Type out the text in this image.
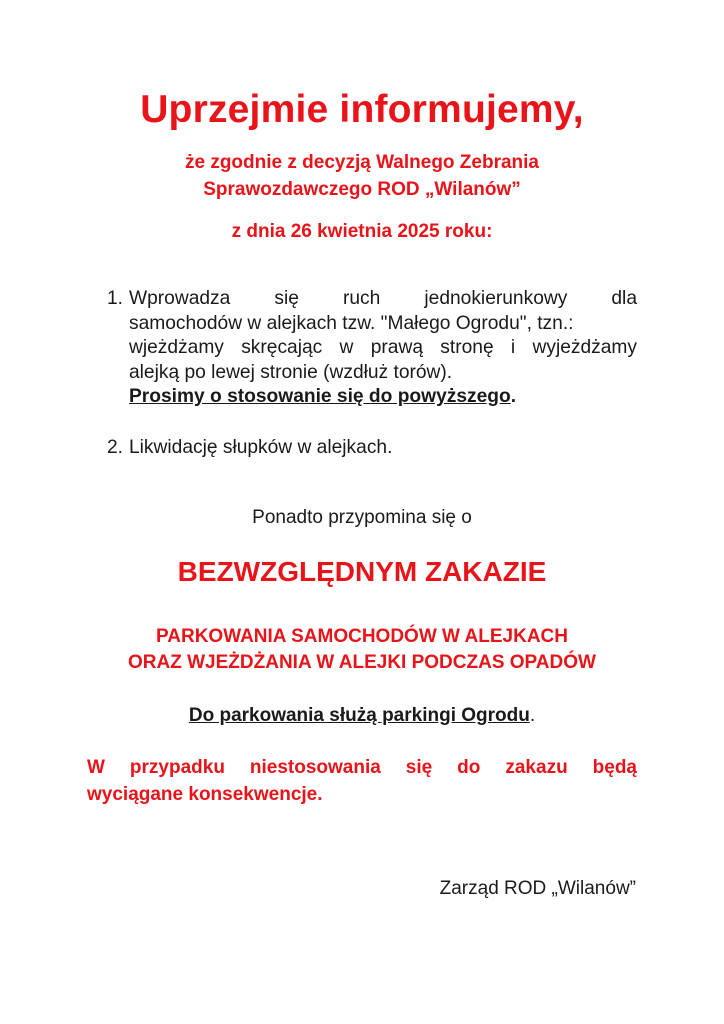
Uprzejmie informujemy,
że zgodnie z decyzją Walnego Zebrania
Sprawozdawczego ROD „Wilanów”
z dnia 26 kwietnia 2025 roku:
1. Wprowadza się ruch jednokierunkowy dla
samochodów w alejkach tzw. "Małego Ogrodu", tzn.:
wjeżdżamy skręcając w prawą stronę i wyjeżdżamy
alejką po lewej stronie (wzdłuż torów).
Prosimy o stosowanie się do powyższego.
2. Likwidację słupków w alejkach.
Ponadto przypomina się o
BEZWZGLĘDNYM ZAKAZIE
PARKOWANIA SAMOCHODÓW W ALEJKACH
ORAZ WJEŻDŻANIA W ALEJKI PODCZAS OPADÓW
Do parkowania służą parkingi Ogrodu.
W przypadku niestosowania się do zakazu będą
wyciągane konsekwencje.
Zarząd ROD „Wilanów”
